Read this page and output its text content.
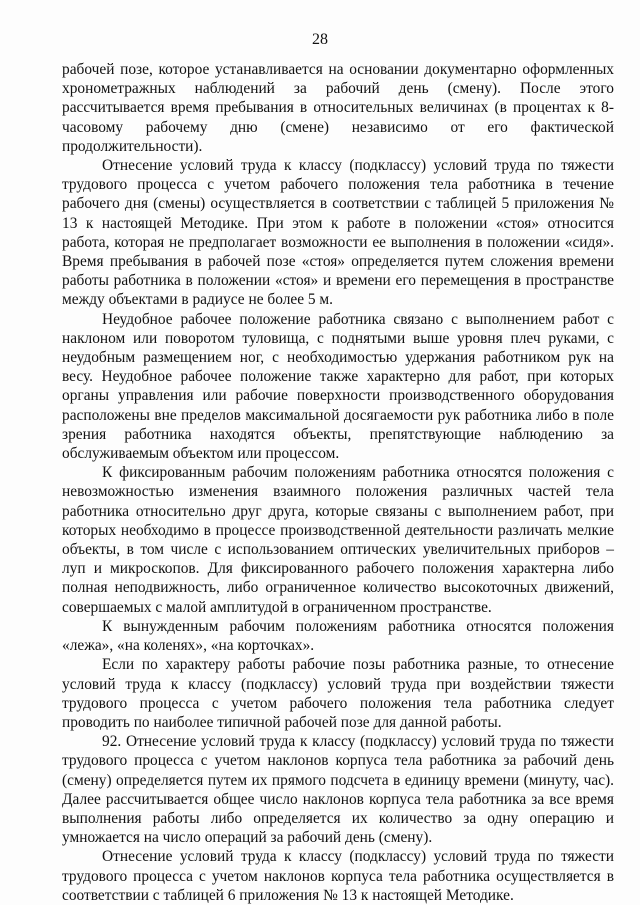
28

рабочей позе, которое устанавливается на основании документарно оформленных хронометражных наблюдений за рабочий день (смену). После этого рассчитывается время пребывания в относительных величинах (в процентах к 8-часовому рабочему дню (смене) независимо от его фактической продолжительности).

Отнесение условий труда к классу (подклассу) условий труда по тяжести трудового процесса с учетом рабочего положения тела работника в течение рабочего дня (смены) осуществляется в соответствии с таблицей 5 приложения № 13 к настоящей Методике. При этом к работе в положении «стоя» относится работа, которая не предполагает возможности ее выполнения в положении «сидя». Время пребывания в рабочей позе «стоя» определяется путем сложения времени работы работника в положении «стоя» и времени его перемещения в пространстве между объектами в радиусе не более 5 м.

Неудобное рабочее положение работника связано с выполнением работ с наклоном или поворотом туловища, с поднятыми выше уровня плеч руками, с неудобным размещением ног, с необходимостью удержания работником рук на весу. Неудобное рабочее положение также характерно для работ, при которых органы управления или рабочие поверхности производственного оборудования расположены вне пределов максимальной досягаемости рук работника либо в поле зрения работника находятся объекты, препятствующие наблюдению за обслуживаемым объектом или процессом.

К фиксированным рабочим положениям работника относятся положения с невозможностью изменения взаимного положения различных частей тела работника относительно друг друга, которые связаны с выполнением работ, при которых необходимо в процессе производственной деятельности различать мелкие объекты, в том числе с использованием оптических увеличительных приборов – луп и микроскопов. Для фиксированного рабочего положения характерна либо полная неподвижность, либо ограниченное количество высокоточных движений, совершаемых с малой амплитудой в ограниченном пространстве.

К вынужденным рабочим положениям работника относятся положения «лежа», «на коленях», «на корточках».

Если по характеру работы рабочие позы работника разные, то отнесение условий труда к классу (подклассу) условий труда при воздействии тяжести трудового процесса с учетом рабочего положения тела работника следует проводить по наиболее типичной рабочей позе для данной работы.

92. Отнесение условий труда к классу (подклассу) условий труда по тяжести трудового процесса с учетом наклонов корпуса тела работника за рабочий день (смену) определяется путем их прямого подсчета в единицу времени (минуту, час). Далее рассчитывается общее число наклонов корпуса тела работника за все время выполнения работы либо определяется их количество за одну операцию и умножается на число операций за рабочий день (смену).

Отнесение условий труда к классу (подклассу) условий труда по тяжести трудового процесса с учетом наклонов корпуса тела работника осуществляется в соответствии с таблицей 6 приложения № 13 к настоящей Методике.
